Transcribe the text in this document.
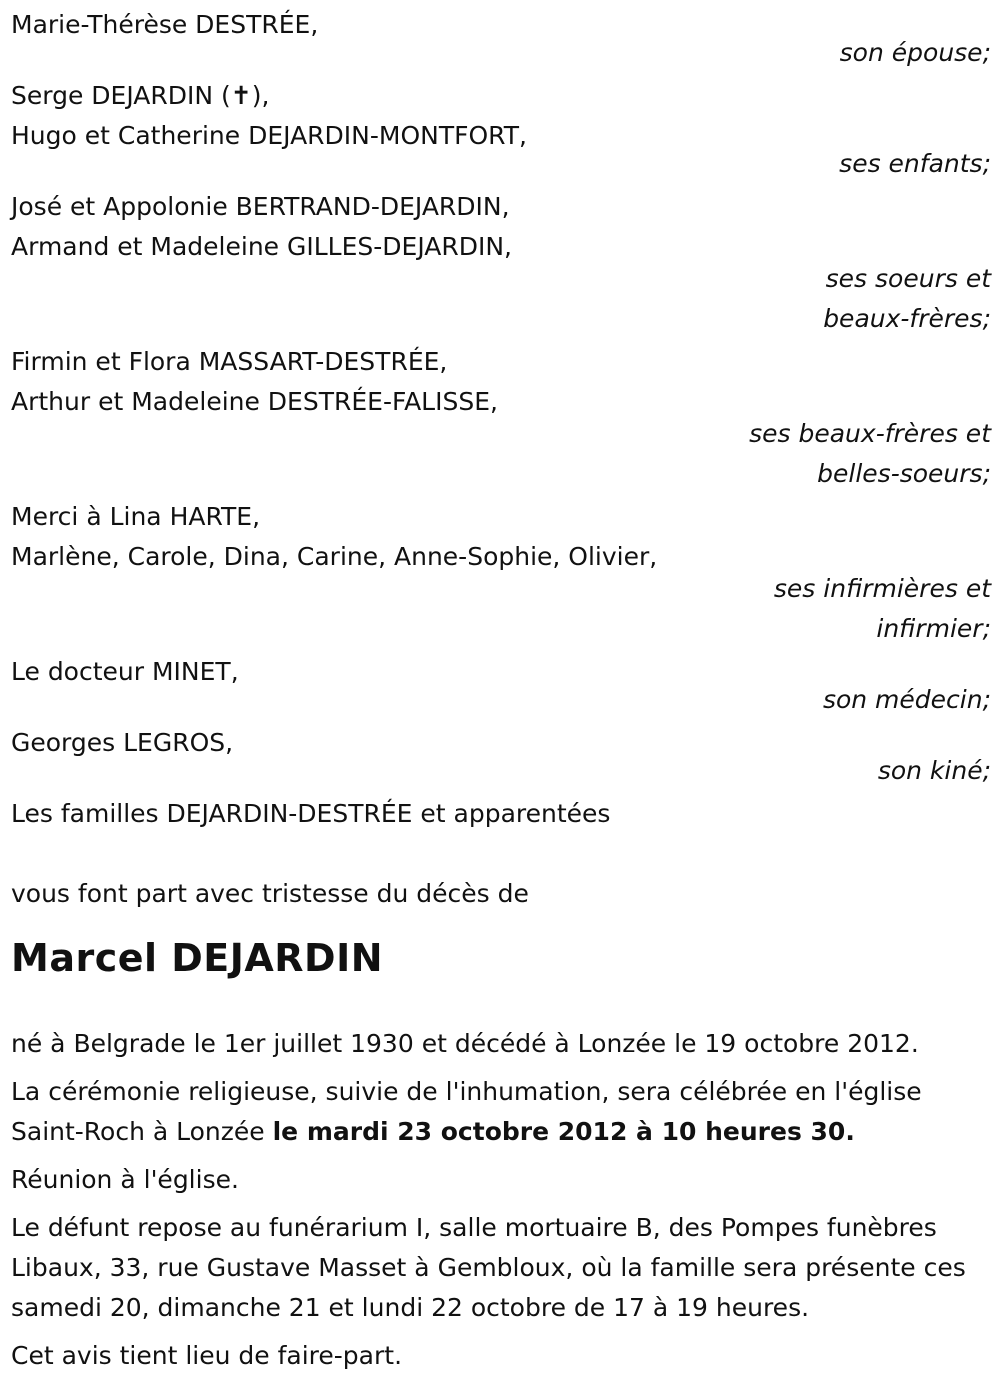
Marie-Thérèse DESTRÉE,
son épouse;
Serge DEJARDIN (✝),
Hugo et Catherine DEJARDIN-MONTFORT,
ses enfants;
José et Appolonie BERTRAND-DEJARDIN,
Armand et Madeleine GILLES-DEJARDIN,
ses soeurs et
beaux-frères;
Firmin et Flora MASSART-DESTRÉE,
Arthur et Madeleine DESTRÉE-FALISSE,
ses beaux-frères et
belles-soeurs;
Merci à Lina HARTE,
Marlène, Carole, Dina, Carine, Anne-Sophie, Olivier,
ses infirmières et
infirmier;
Le docteur MINET,
son médecin;
Georges LEGROS,
son kiné;
Les familles DEJARDIN-DESTRÉE et apparentées
vous font part avec tristesse du décès de
Marcel DEJARDIN
né à Belgrade le 1er juillet 1930 et décédé à Lonzée le 19 octobre 2012.
La cérémonie religieuse, suivie de l'inhumation, sera célébrée en l'église Saint-Roch à Lonzée le mardi 23 octobre 2012 à 10 heures 30.
Réunion à l'église.
Le défunt repose au funérarium I, salle mortuaire B, des Pompes funèbres Libaux, 33, rue Gustave Masset à Gembloux, où la famille sera présente ces samedi 20, dimanche 21 et lundi 22 octobre de 17 à 19 heures.
Cet avis tient lieu de faire-part.
